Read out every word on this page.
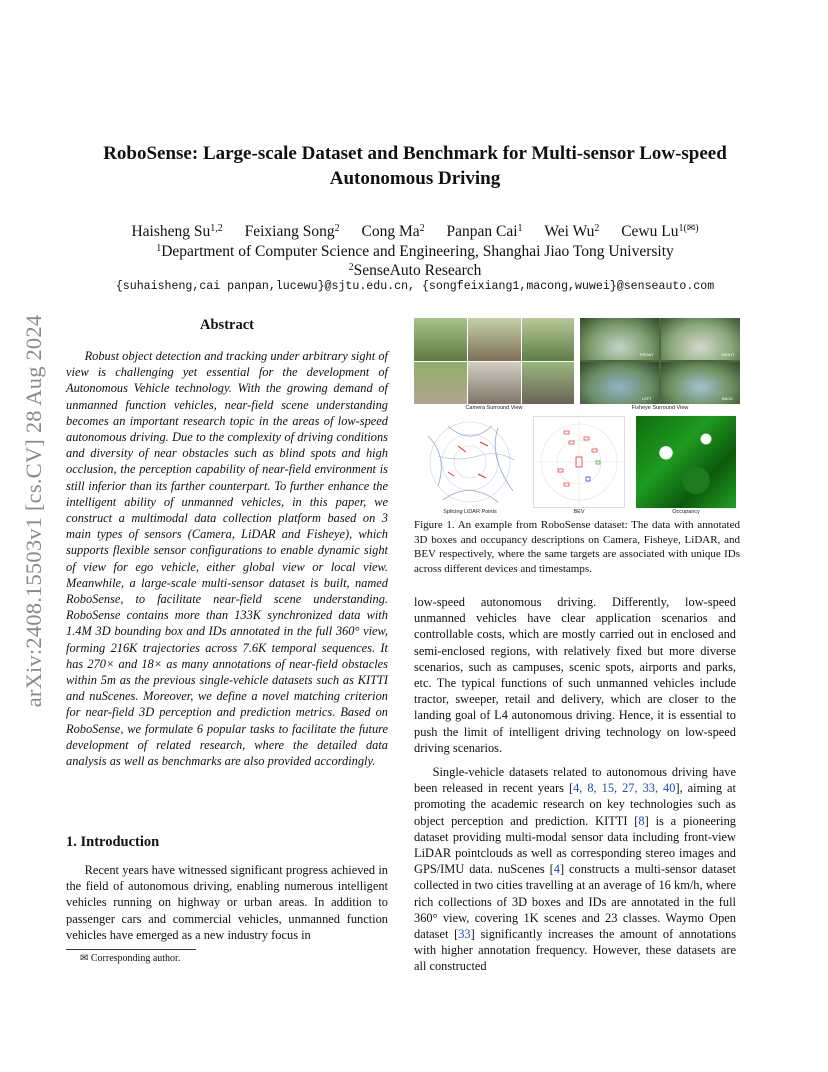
arXiv:2408.15503v1 [cs.CV] 28 Aug 2024
RoboSense: Large-scale Dataset and Benchmark for Multi-sensor Low-speed Autonomous Driving
Haisheng Su$^{1,2}$ Feixiang Song$^2$ Cong Ma$^2$ Panpan Cai$^1$ Wei Wu$^2$ Cewu $Lu^{1(✉)}$
$^1$Department of Computer Science and Engineering, Shanghai Jiao Tong University
$^2$SenseAuto Research
{suhaisheng,cai panpan,lucewu}@sjtu.edu.cn, {songfeixiang1,macong,wuwei}@senseauto.com
Abstract

Robust object detection and tracking under arbitrary sight of view is challenging yet essential for the development of Autonomous Vehicle technology. With the growing demand of unmanned function vehicles, near-field scene understanding becomes an important research topic in the areas of low-speed autonomous driving. Due to the complexity of driving conditions and diversity of near obstacles such as blind spots and high occlusion, the perception capability of near-field environment is still inferior than its farther counterpart. To further enhance the intelligent ability of unmanned vehicles, in this paper, we construct a multimodal data collection platform based on 3 main types of sensors (Camera, LiDAR and Fisheye), which supports flexible sensor configurations to enable dynamic sight of view for ego vehicle, either global view or local view. Meanwhile, a large-scale multi-sensor dataset is built, named RoboSense, to facilitate near-field scene understanding. RoboSense contains more than 133K synchronized data with 1.4M 3D bounding box and IDs annotated in the full 360° view, forming 216K trajectories across 7.6K temporal sequences. It has 270× and 18× as many annotations of near-field obstacles within 5m as the previous single-vehicle datasets such as KITTI and nuScenes. Moreover, we define a novel matching criterion for near-field 3D perception and prediction metrics. Based on RoboSense, we formulate 6 popular tasks to facilitate the future development of related research, where the detailed data analysis as well as benchmarks are also provided accordingly.

1. Introduction

Recent years have witnessed significant progress achieved in the field of autonomous driving, enabling numerous intelligent vehicles running on highway or urban areas. In addition to passenger cars and commercial vehicles, unmanned function vehicles have emerged as a new industry focus in

✉ Corresponding author.
Camera Surround View
FRONT	RIGHT
LEFT	BACK
Fisheye Surround View
Splicing LiDAR Points	BEV	Occupancy
Figure 1. An example from RoboSense dataset: The data with annotated 3D boxes and occupancy descriptions on Camera, Fisheye, LiDAR, and BEV respectively, where the same targets are associated with unique IDs across different devices and timestamps.

low-speed autonomous driving. Differently, low-speed unmanned vehicles have clear application scenarios and controllable costs, which are mostly carried out in enclosed and semi-enclosed regions, with relatively fixed but more diverse scenarios, such as campuses, scenic spots, airports and parks, etc. The typical functions of such unmanned vehicles include tractor, sweeper, retail and delivery, which are closer to the landing goal of L4 autonomous driving. Hence, it is essential to push the limit of intelligent driving technology on low-speed driving scenarios.

Single-vehicle datasets related to autonomous driving have been released in recent years [4, 8, 15, 27, 33, 40], aiming at promoting the academic research on key technologies such as object perception and prediction. KITTI [8] is a pioneering dataset providing multi-modal sensor data including front-view LiDAR pointclouds as well as corresponding stereo images and GPS/IMU data. nuScenes [4] constructs a multi-sensor dataset collected in two cities travelling at an average of 16 km/h, where rich collections of 3D boxes and IDs are annotated in the full 360° view, covering 1K scenes and 23 classes. Waymo Open dataset [33] significantly increases the amount of annotations with higher annotation frequency. However, these datasets are all constructed
